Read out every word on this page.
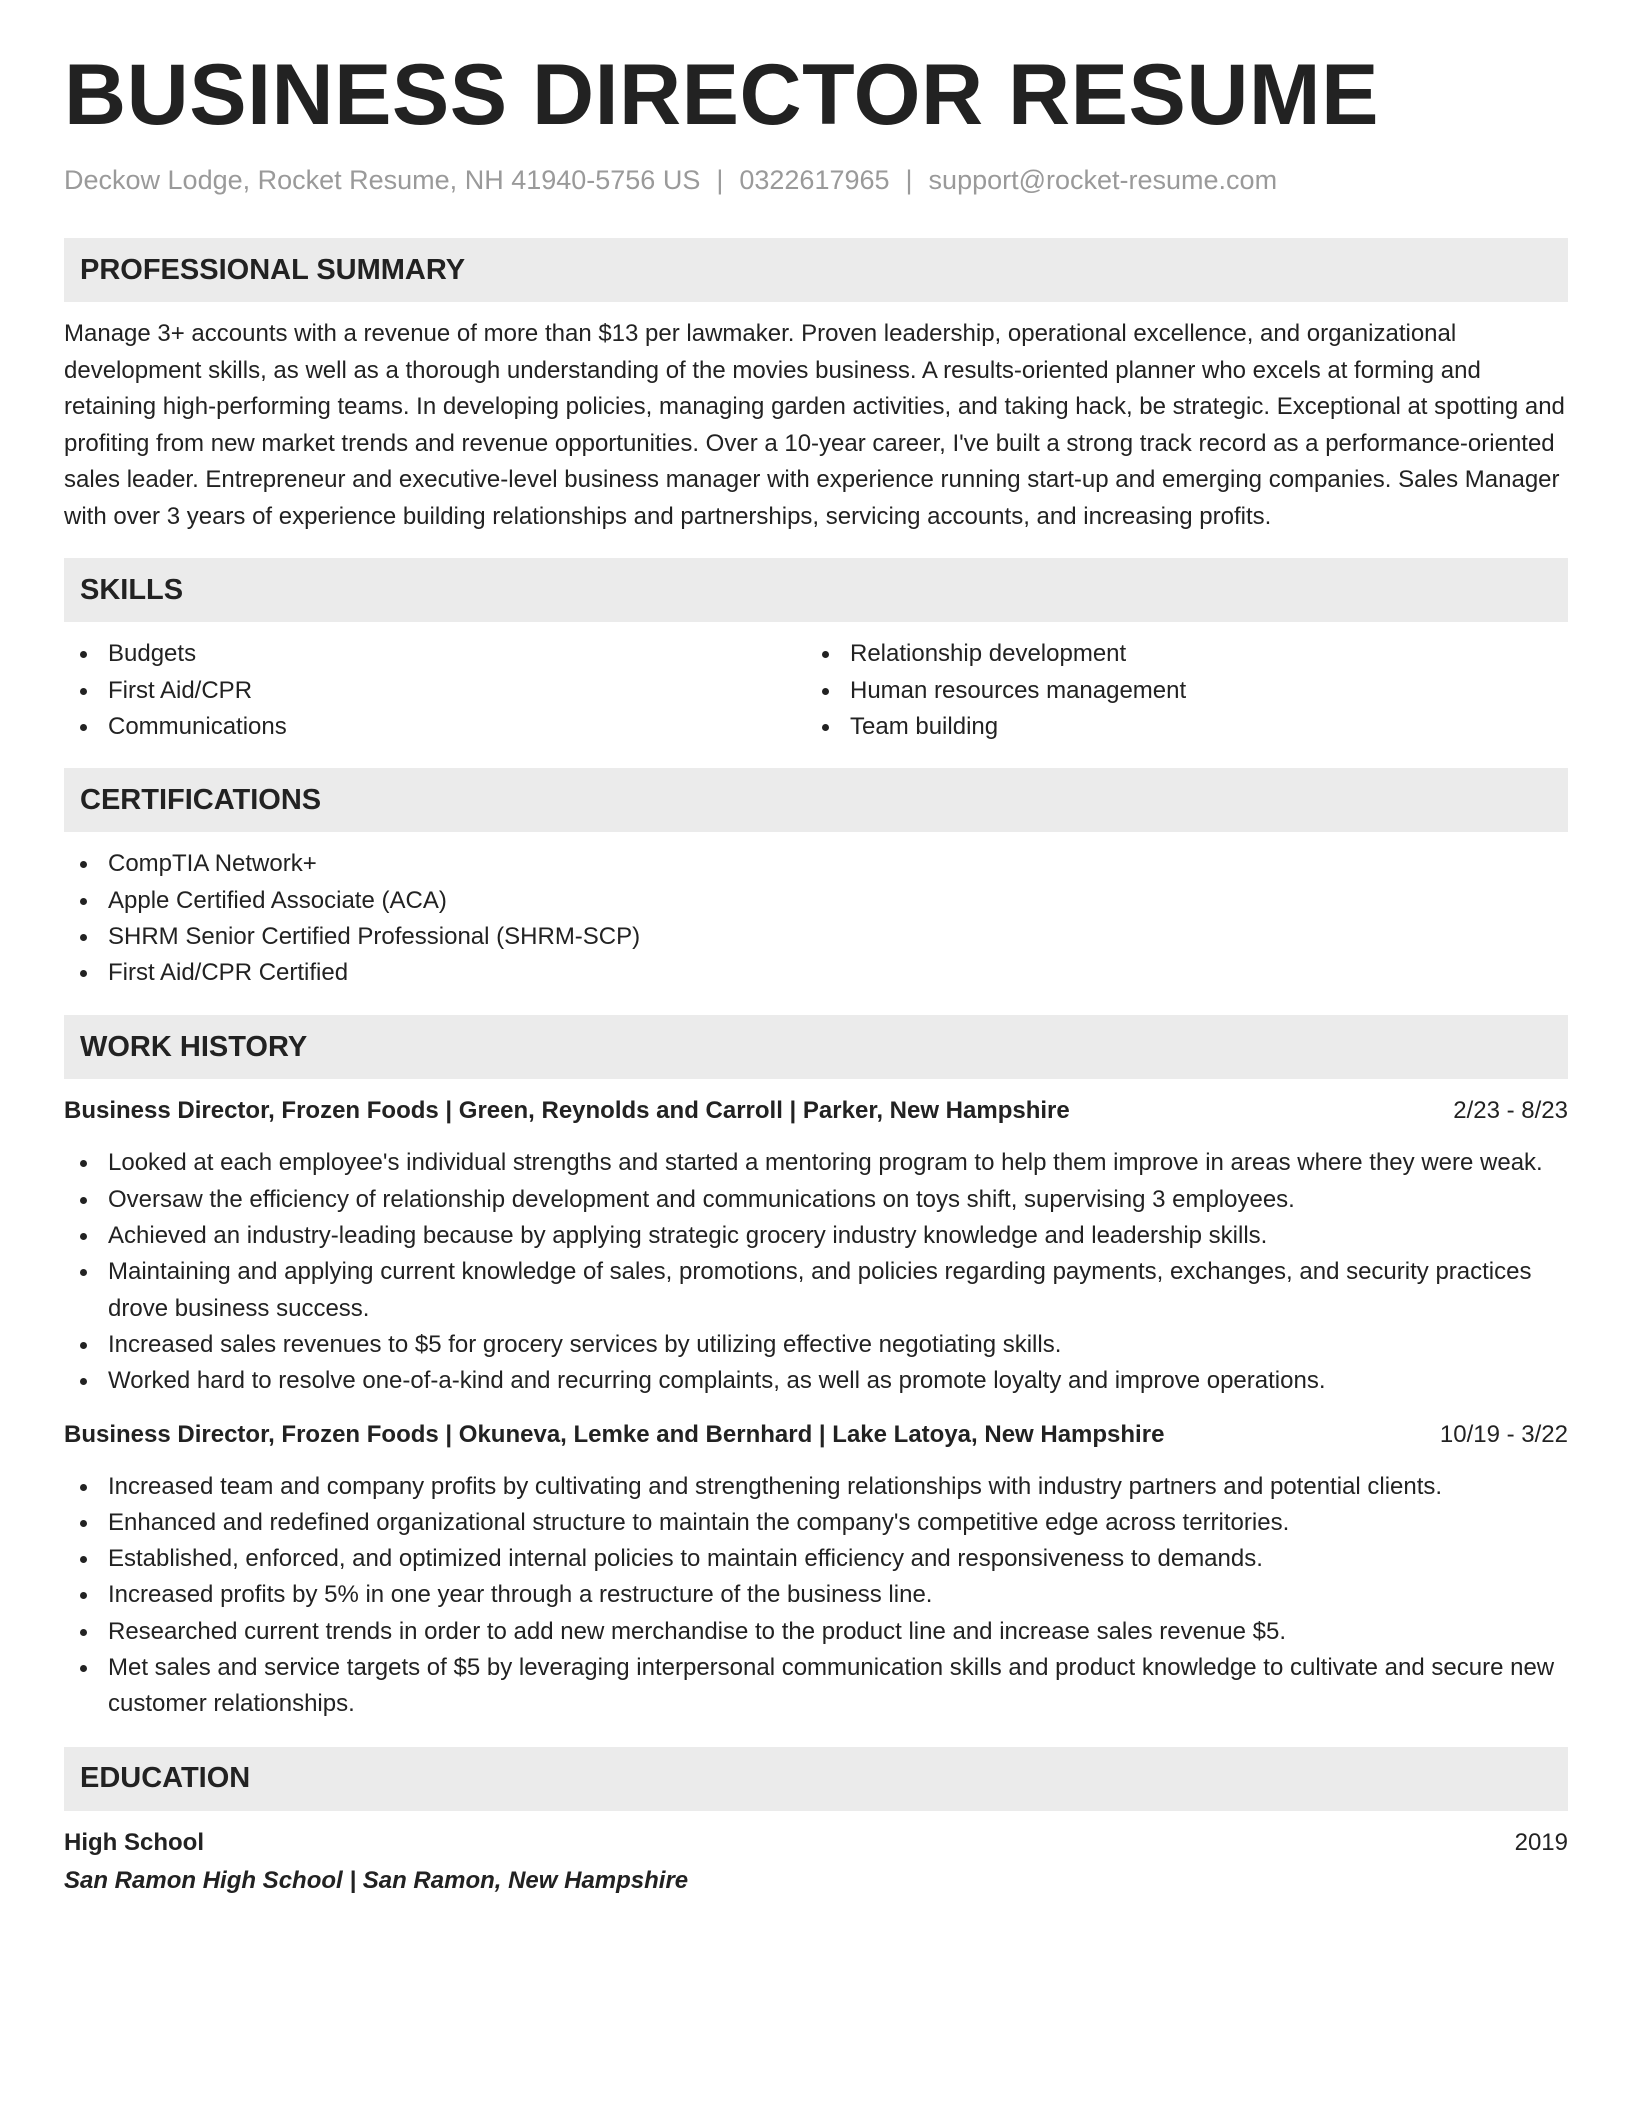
BUSINESS DIRECTOR RESUME
Deckow Lodge, Rocket Resume, NH 41940-5756 US | 0322617965 | support@rocket-resume.com
PROFESSIONAL SUMMARY

Manage 3+ accounts with a revenue of more than $13 per lawmaker. Proven leadership, operational excellence, and organizational development skills, as well as a thorough understanding of the movies business. A results-oriented planner who excels at forming and retaining high-performing teams. In developing policies, managing garden activities, and taking hack, be strategic. Exceptional at spotting and profiting from new market trends and revenue opportunities. Over a 10-year career, I've built a strong track record as a performance-oriented sales leader. Entrepreneur and executive-level business manager with experience running start-up and emerging companies. Sales Manager with over 3 years of experience building relationships and partnerships, servicing accounts, and increasing profits.

SKILLS
Budgets
First Aid/CPR
Communications
Relationship development
Human resources management
Team building
CERTIFICATIONS
CompTIA Network+
Apple Certified Associate (ACA)
SHRM Senior Certified Professional (SHRM-SCP)
First Aid/CPR Certified
WORK HISTORY
Business Director, Frozen Foods | Green, Reynolds and Carroll | Parker, New Hampshire	2/23 - 8/23
Looked at each employee's individual strengths and started a mentoring program to help them improve in areas where they were weak.
Oversaw the efficiency of relationship development and communications on toys shift, supervising 3 employees.
Achieved an industry-leading because by applying strategic grocery industry knowledge and leadership skills.
Maintaining and applying current knowledge of sales, promotions, and policies regarding payments, exchanges, and security practices drove business success.
Increased sales revenues to $5 for grocery services by utilizing effective negotiating skills.
Worked hard to resolve one-of-a-kind and recurring complaints, as well as promote loyalty and improve operations.
Business Director, Frozen Foods | Okuneva, Lemke and Bernhard | Lake Latoya, New Hampshire	10/19 - 3/22
Increased team and company profits by cultivating and strengthening relationships with industry partners and potential clients.
Enhanced and redefined organizational structure to maintain the company's competitive edge across territories.
Established, enforced, and optimized internal policies to maintain efficiency and responsiveness to demands.
Increased profits by 5% in one year through a restructure of the business line.
Researched current trends in order to add new merchandise to the product line and increase sales revenue $5.
Met sales and service targets of $5 by leveraging interpersonal communication skills and product knowledge to cultivate and secure new customer relationships.
EDUCATION
High School	2019
San Ramon High School | San Ramon, New Hampshire
